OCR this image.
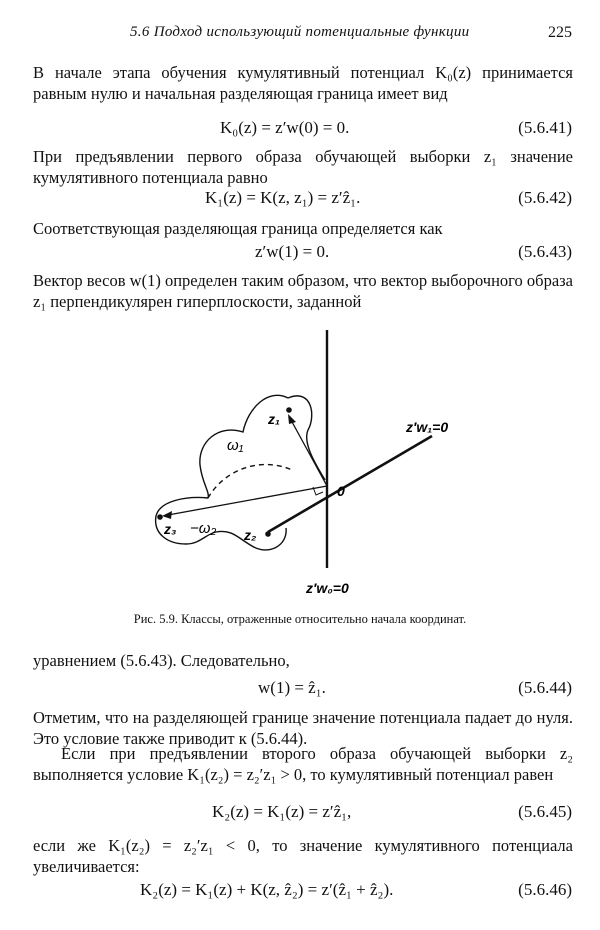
5.6 Подход использующий потенциальные функции	225
В начале этапа обучения кумулятивный потенциал K₀(z) принимается равным нулю и начальная разделяющая граница имеет вид
K₀(z) = z′w(0) = 0.	(5.6.41)
При предъявлении первого образа обучающей выборки z₁ значение кумулятивного потенциала равно
K₁(z) = K(z, z₁) = z′ẑ₁.	(5.6.42)
Соответствующая разделяющая граница определяется как
z′w(1) = 0.	(5.6.43)
Вектор весов w(1) определен таким образом, что вектор выборочного образа z₁ перпендикулярен гиперплоскости, заданной
z₁
ω₁
0
z₃ −ω₂ z₂
z′w₁=0
z′w₀=0
Рис. 5.9. Классы, отраженные относительно начала координат.
уравнением (5.6.43). Следовательно,
w(1) = ẑ₁.	(5.6.44)
Отметим, что на разделяющей границе значение потенциала падает до нуля. Это условие также приводит к (5.6.44).
Если при предъявлении второго образа обучающей выборки z₂ выполняется условие K₁(z₂) = z₂′z₁ > 0, то кумулятивный потенциал равен
K₂(z) = K₁(z) = z′ẑ₁,	(5.6.45)
если же K₁(z₂) = z₂′z₁ < 0, то значение кумулятивного потенциала увеличивается:
K₂(z) = K₁(z) + K(z, ẑ₂) = z′(ẑ₁ + ẑ₂).	(5.6.46)
